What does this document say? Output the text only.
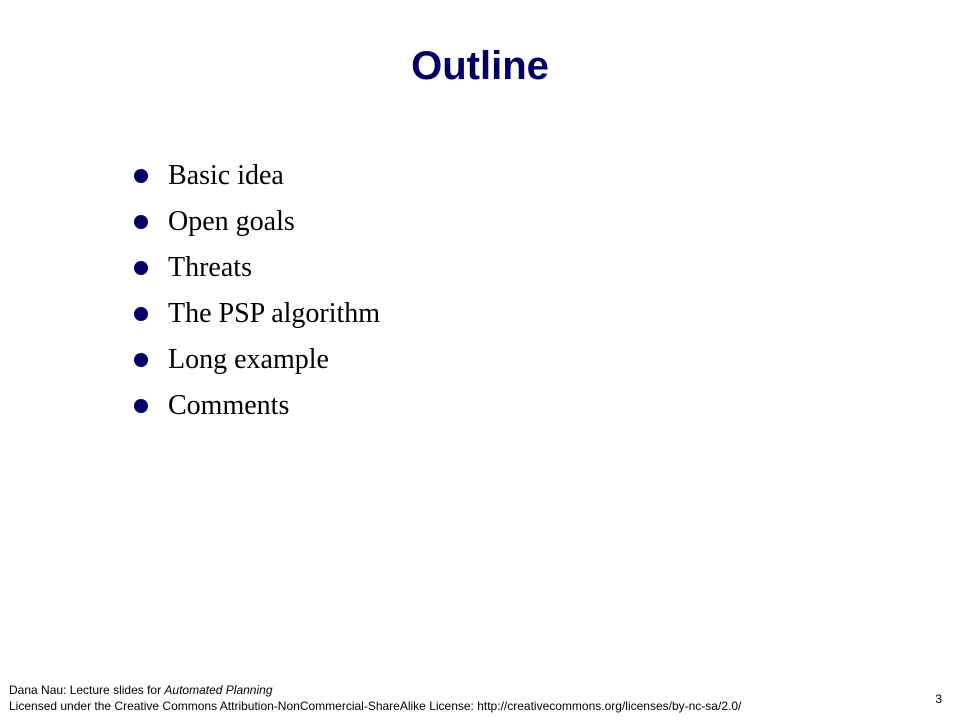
Outline
Basic idea
Open goals
Threats
The PSP algorithm
Long example
Comments
Dana Nau: Lecture slides for Automated Planning
Licensed under the Creative Commons Attribution-NonCommercial-ShareAlike License: http://creativecommons.org/licenses/by-nc-sa/2.0/	3
